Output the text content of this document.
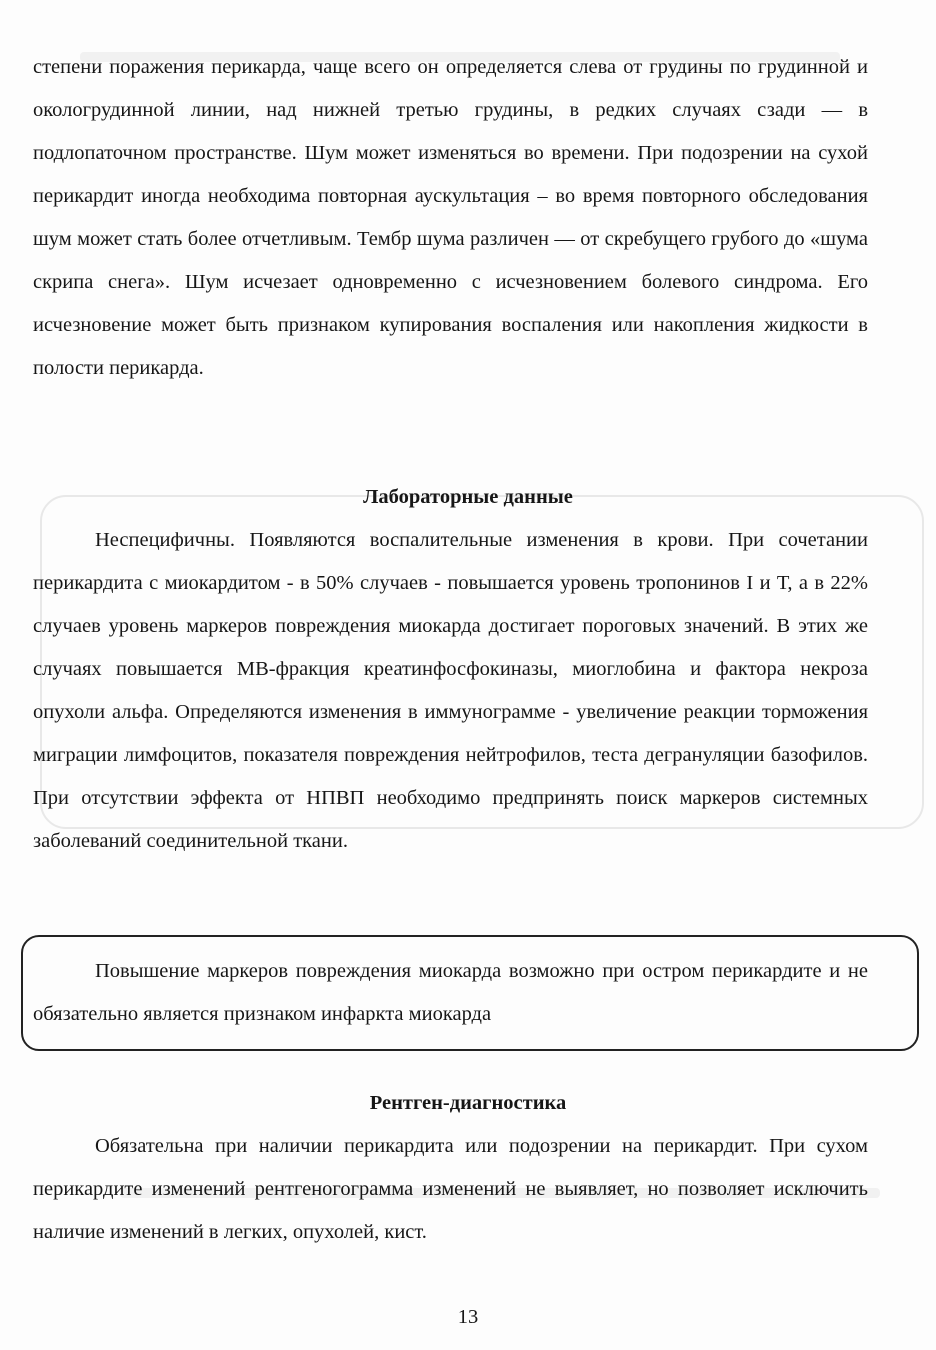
степени поражения перикарда, чаще всего он определяется слева от грудины по грудинной и окологрудинной линии, над нижней третью грудины, в редких случаях сзади — в подлопаточном пространстве. Шум может изменяться во времени. При подозрении на сухой перикардит иногда необходима повторная аускультация – во время повторного обследования шум может стать более отчетливым. Тембр шума различен — от скребущего грубого до «шума скрипа снега». Шум исчезает одновременно с исчезновением болевого синдрома. Его исчезновение может быть признаком купирования воспаления или накопления жидкости в полости перикарда.

Лабораторные данные

Неспецифичны. Появляются воспалительные изменения в крови. При сочетании перикардита с миокардитом - в 50% случаев - повышается уровень тропонинов I и Т, а в 22% случаев уровень маркеров повреждения миокарда достигает пороговых значений. В этих же случаях повышается МВ-фракция креатинфосфокиназы, миоглобина и фактора некроза опухоли альфа. Определяются изменения в иммунограмме - увеличение реакции торможения миграции лимфоцитов, показателя повреждения нейтрофилов, теста дегрануляции базофилов. При отсутствии эффекта от НПВП необходимо предпринять поиск маркеров системных заболеваний соединительной ткани.

Повышение маркеров повреждения миокарда возможно при остром перикардите и не обязательно является признаком инфаркта миокарда

Рентген-диагностика

Обязательна при наличии перикардита или подозрении на перикардит. При сухом перикардите изменений рентгеногограмма изменений не выявляет, но позволяет исключить наличие изменений в легких, опухолей, кист.

13
